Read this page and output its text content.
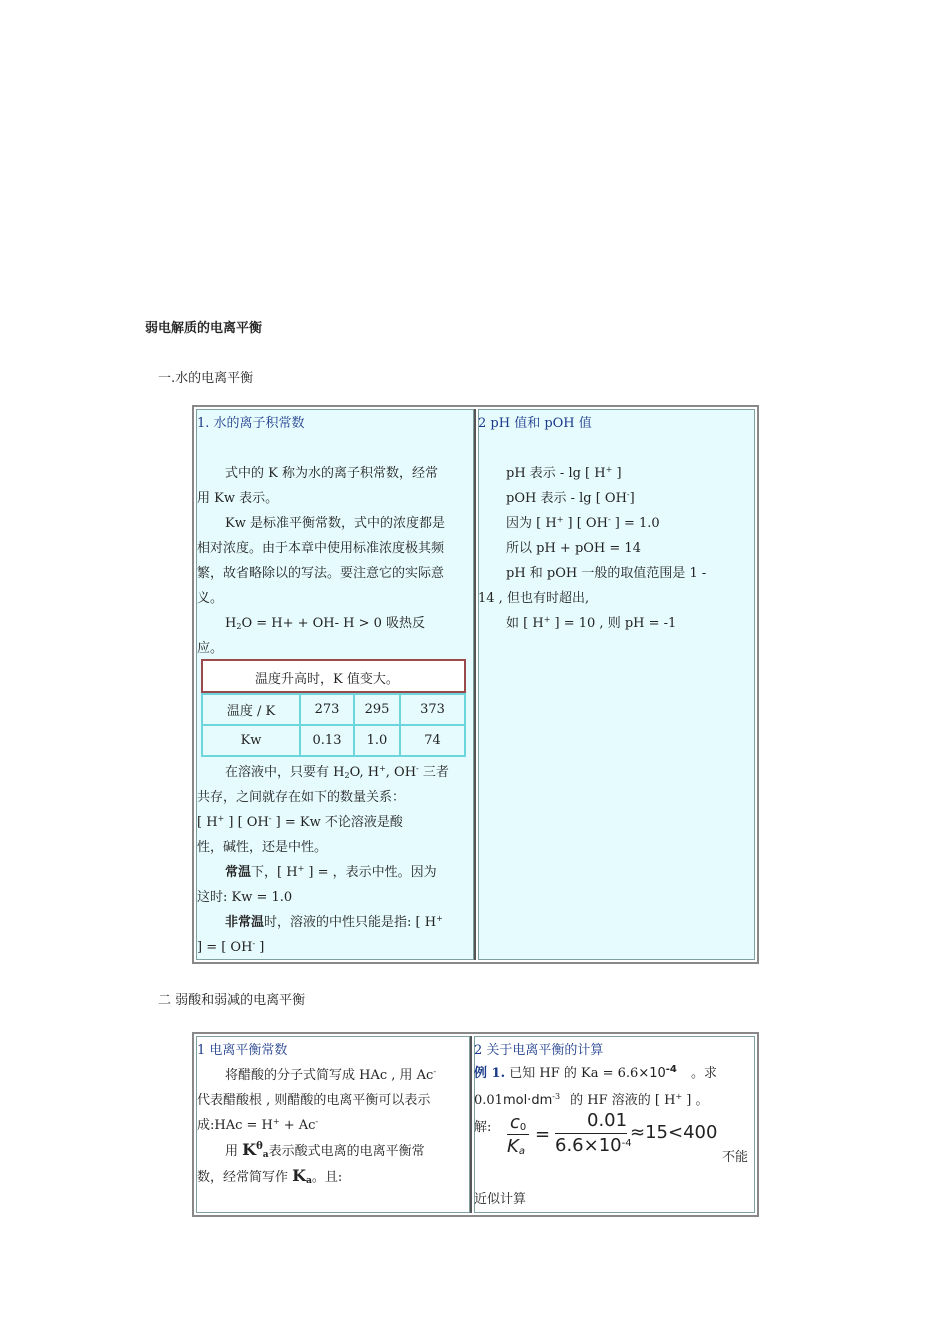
弱电解质的电离平衡
一.水的电离平衡
1. 水的离子积常数
式中的 K 称为水的离子积常数，经常
用 Kw 表示。
Kw 是标准平衡常数，式中的浓度都是
相对浓度。由于本章中使用标准浓度极其频
繁，故省略除以的写法。要注意它的实际意
义。
$H_2O = H+ + OH-$ H > 0 吸热反
应。
温度升高时，K 值变大。
温度 / K	273	295	373
Kw	0.13	1.0	74
在溶液中，只要有 $H_2O$, H+, OH- 三者
共存，之间就存在如下的数量关系：
[ H+ ] [ OH- ] = Kw 不论溶液是酸
性，碱性，还是中性。
常温下，[ H+ ] = ，表示中性。因为
这时: Kw = 1.0
非常温时，溶液的中性只能是指: [ H+
] = [ OH- ]
2 pH 值和 pOH 值
pH 表示 - lg [ H+ ]
pOH 表示 - lg [ OH-]
因为 [ H+ ] [ OH- ] = 1.0
所以 pH + pOH = 14
pH 和 pOH 一般的取值范围是 1 -
14 , 但也有时超出,
如 [ H+ ] = 10 , 则 pH = -1
二 弱酸和弱减的电离平衡
1 电离平衡常数
将醋酸的分子式简写成 HAc , 用 Ac-
代表醋酸根 , 则醋酸的电离平衡可以表示
成:HAc = H+ + Ac-
用 $K^\theta_a$表示酸式电离的电离平衡常
数，经常简写作 $K_a$。且:
2 关于电离平衡的计算
例 1. 已知 HF 的 $Ka = 6.6\times 10^{-4}$ 。求
$0.01mol\cdot dm^{-3}$ 的 HF 溶液的 [ H+ ] 。
解: $c_0$
$K_a$
=
0.01
$6.6\times 10^{-4}$
≈15<400
不能
近似计算
